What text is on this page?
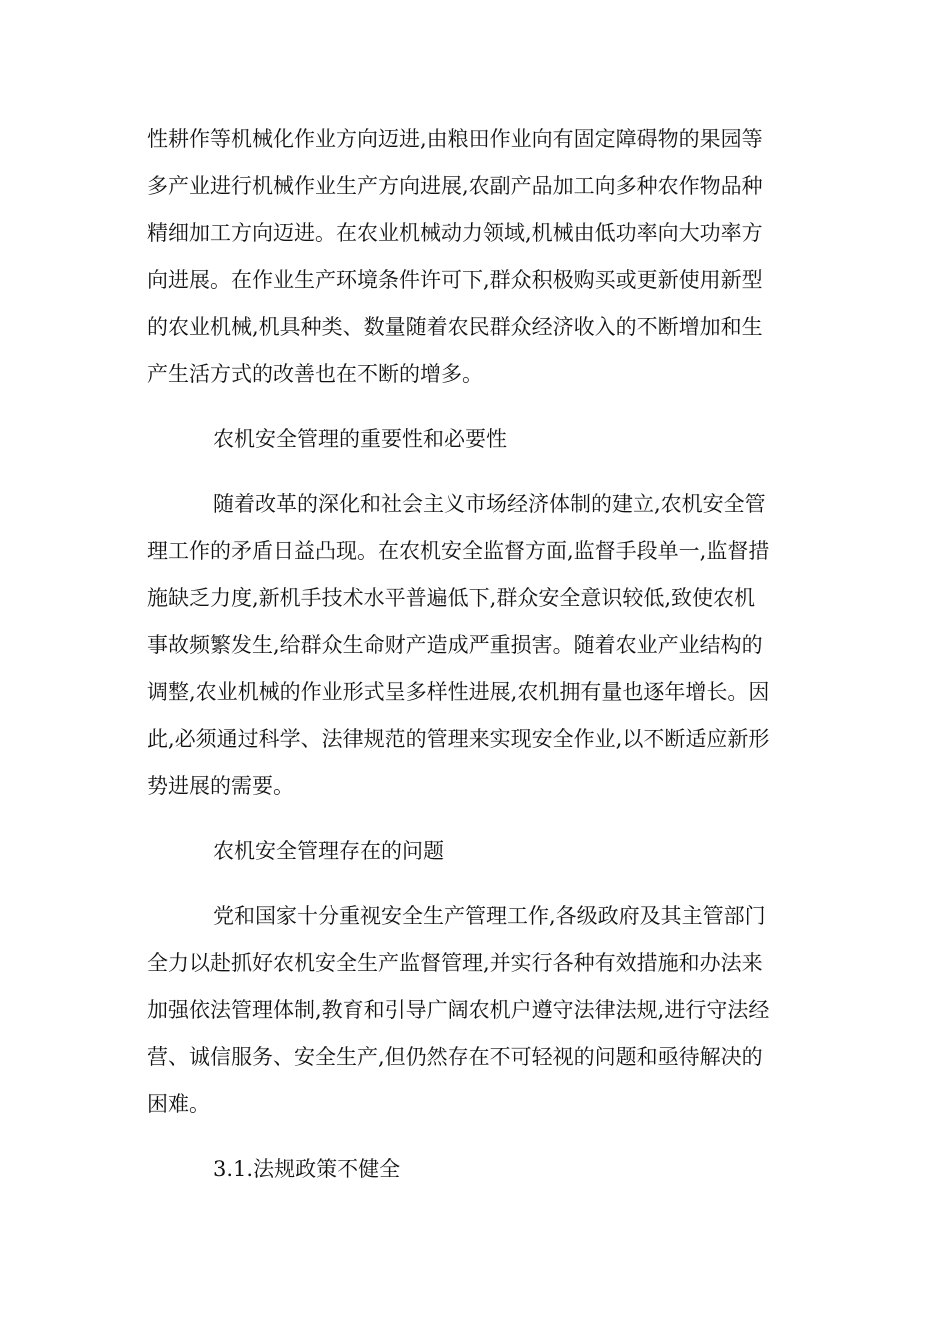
性耕作等机械化作业方向迈进,由粮田作业向有固定障碍物的果园等
多产业进行机械作业生产方向进展,农副产品加工向多种农作物品种
精细加工方向迈进。在农业机械动力领域,机械由低功率向大功率方
向进展。在作业生产环境条件许可下,群众积极购买或更新使用新型
的农业机械,机具种类、数量随着农民群众经济收入的不断增加和生
产生活方式的改善也在不断的增多。
农机安全管理的重要性和必要性
随着改革的深化和社会主义市场经济体制的建立,农机安全管
理工作的矛盾日益凸现。在农机安全监督方面,监督手段单一,监督措
施缺乏力度,新机手技术水平普遍低下,群众安全意识较低,致使农机
事故频繁发生,给群众生命财产造成严重损害。随着农业产业结构的
调整,农业机械的作业形式呈多样性进展,农机拥有量也逐年增长。因
此,必须通过科学、法律规范的管理来实现安全作业,以不断适应新形
势进展的需要。
农机安全管理存在的问题
党和国家十分重视安全生产管理工作,各级政府及其主管部门
全力以赴抓好农机安全生产监督管理,并实行各种有效措施和办法来
加强依法管理体制,教育和引导广阔农机户遵守法律法规,进行守法经
营、诚信服务、安全生产,但仍然存在不可轻视的问题和亟待解决的
困难。
3.1.法规政策不健全
